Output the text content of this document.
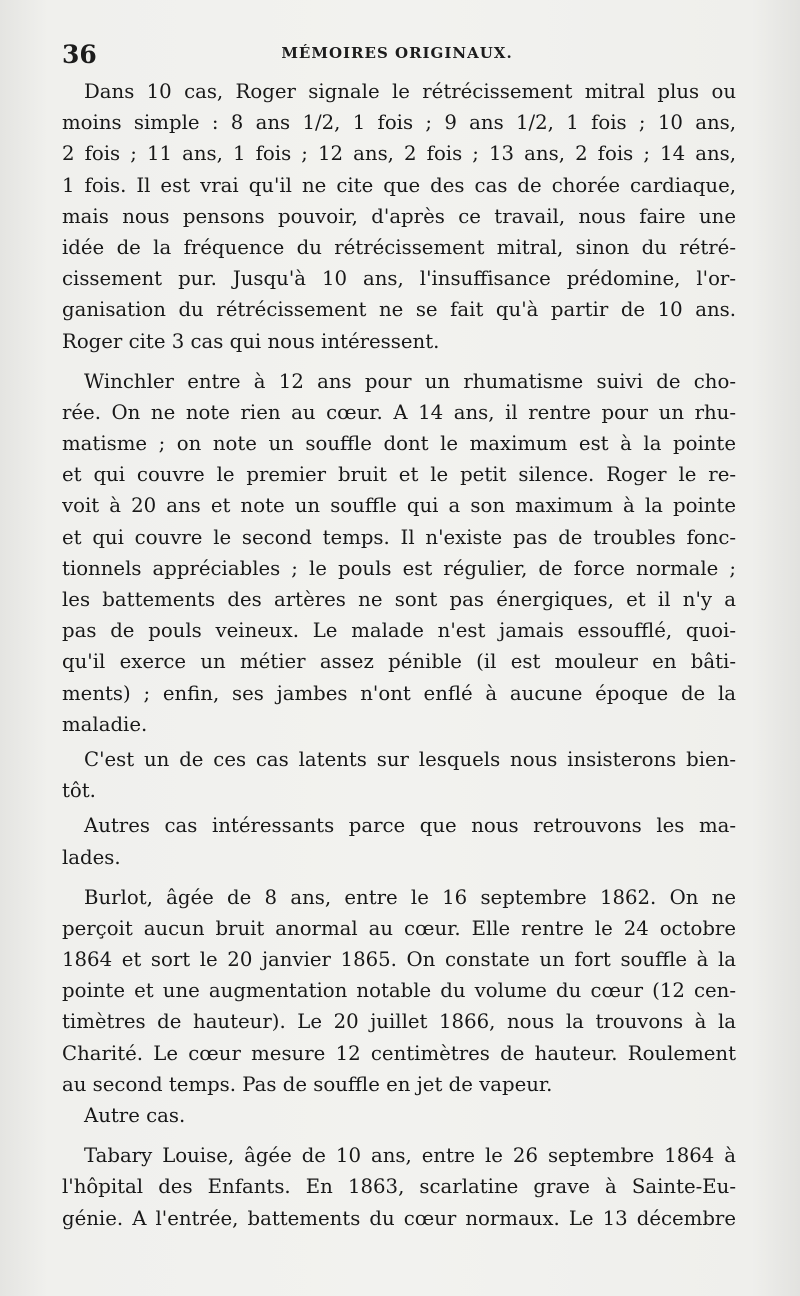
36	MÉMOIRES ORIGINAUX.
Dans 10 cas, Roger signale le rétrécissement mitral plus ou
moins simple : 8 ans 1/2, 1 fois ; 9 ans 1/2, 1 fois ; 10 ans,
2 fois ; 11 ans, 1 fois ; 12 ans, 2 fois ; 13 ans, 2 fois ; 14 ans,
1 fois. Il est vrai qu'il ne cite que des cas de chorée cardiaque,
mais nous pensons pouvoir, d'après ce travail, nous faire une
idée de la fréquence du rétrécissement mitral, sinon du rétré-
cissement pur. Jusqu'à 10 ans, l'insuffisance prédomine, l'or-
ganisation du rétrécissement ne se fait qu'à partir de 10 ans.
Roger cite 3 cas qui nous intéressent.
Winchler entre à 12 ans pour un rhumatisme suivi de cho-
rée. On ne note rien au cœur. A 14 ans, il rentre pour un rhu-
matisme ; on note un souffle dont le maximum est à la pointe
et qui couvre le premier bruit et le petit silence. Roger le re-
voit à 20 ans et note un souffle qui a son maximum à la pointe
et qui couvre le second temps. Il n'existe pas de troubles fonc-
tionnels appréciables ; le pouls est régulier, de force normale ;
les battements des artères ne sont pas énergiques, et il n'y a
pas de pouls veineux. Le malade n'est jamais essoufflé, quoi-
qu'il exerce un métier assez pénible (il est mouleur en bâti-
ments) ; enfin, ses jambes n'ont enflé à aucune époque de la
maladie.
C'est un de ces cas latents sur lesquels nous insisterons bien-
tôt.
Autres cas intéressants parce que nous retrouvons les ma-
lades.
Burlot, âgée de 8 ans, entre le 16 septembre 1862. On ne
perçoit aucun bruit anormal au cœur. Elle rentre le 24 octobre
1864 et sort le 20 janvier 1865. On constate un fort souffle à la
pointe et une augmentation notable du volume du cœur (12 cen-
timètres de hauteur). Le 20 juillet 1866, nous la trouvons à la
Charité. Le cœur mesure 12 centimètres de hauteur. Roulement
au second temps. Pas de souffle en jet de vapeur.
Autre cas.
Tabary Louise, âgée de 10 ans, entre le 26 septembre 1864 à
l'hôpital des Enfants. En 1863, scarlatine grave à Sainte-Eu-
génie. A l'entrée, battements du cœur normaux. Le 13 décembre
